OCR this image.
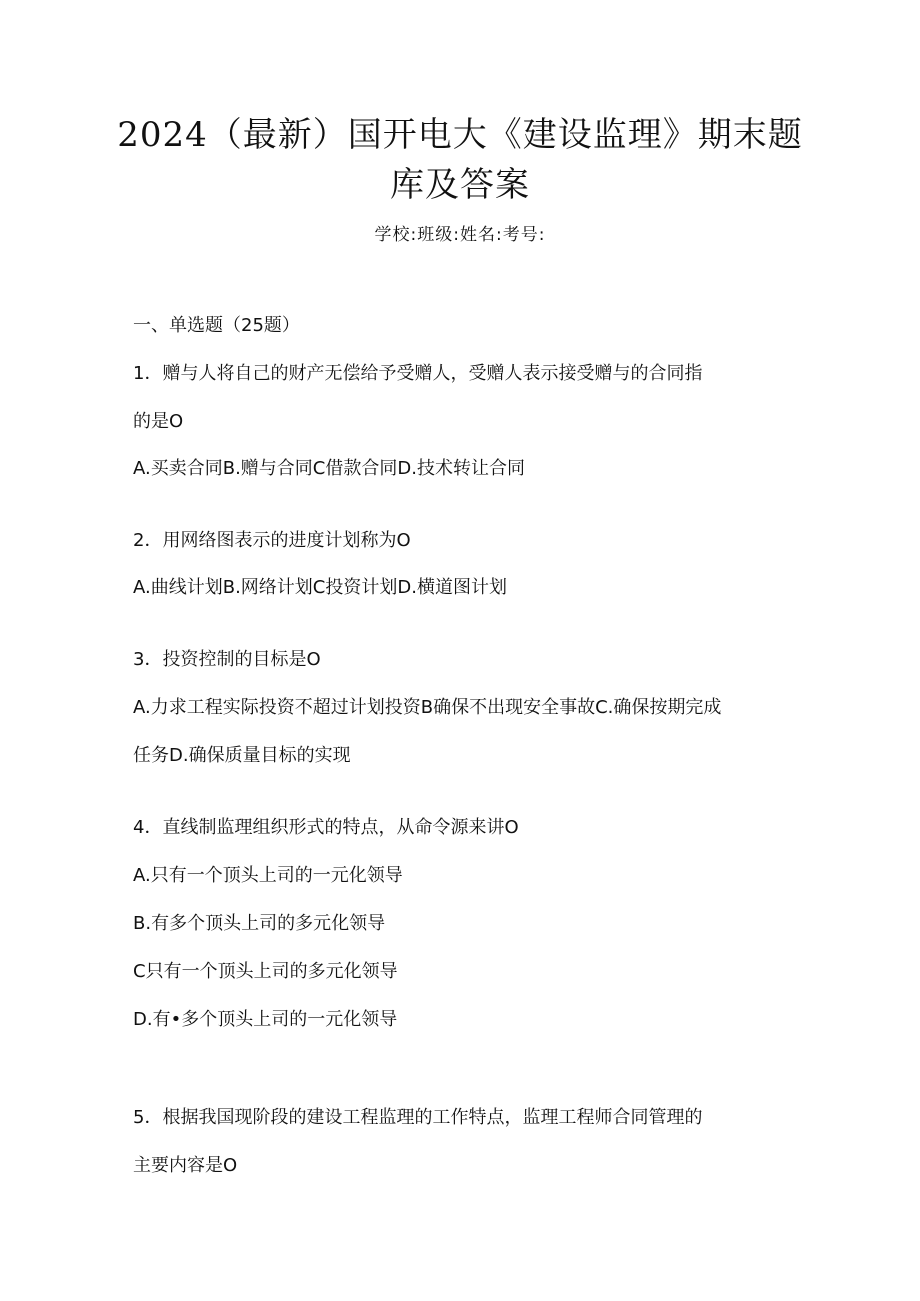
2024（最新）国开电大《建设监理》期末题
库及答案
学校:班级:姓名:考号:
一、单选题（25题）
1．赠与人将自己的财产无偿给予受赠人，受赠人表示接受赠与的合同指
的是O
A.买卖合同B.赠与合同C借款合同D.技术转让合同
2．用网络图表示的进度计划称为O
A.曲线计划B.网络计划C投资计划D.横道图计划
3．投资控制的目标是O
A.力求工程实际投资不超过计划投资B确保不出现安全事故C.确保按期完成
任务D.确保质量目标的实现
4．直线制监理组织形式的特点，从命令源来讲O
A.只有一个顶头上司的一元化领导
B.有多个顶头上司的多元化领导
C只有一个顶头上司的多元化领导
D.有•多个顶头上司的一元化领导
5．根据我国现阶段的建设工程监理的工作特点，监理工程师合同管理的
主要内容是O
